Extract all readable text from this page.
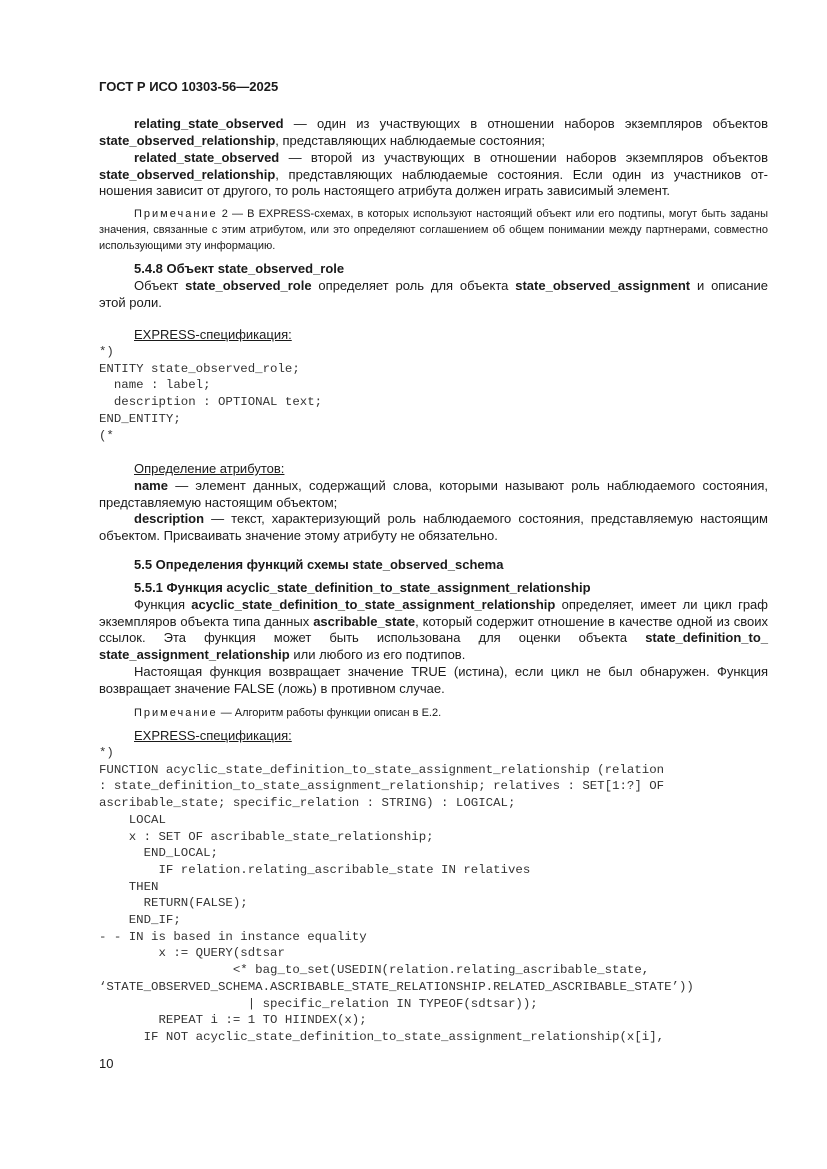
ГОСТ Р ИСО 10303-56—2025

relating_state_observed — один из участвующих в отношении наборов экземпляров объектов state_observed_relationship, представляющих наблюдаемые состояния;

related_state_observed — второй из участвующих в отношении наборов экземпляров объектов state_observed_relationship, представляющих наблюдаемые состояния. Если один из участников отношения зависит от другого, то роль настоящего атрибута должен играть зависимый элемент.

Примечание 2 — В EXPRESS-схемах, в которых используют настоящий объект или его подтипы, могут быть заданы значения, связанные с этим атрибутом, или это определяют соглашением об общем понимании между партнерами, совместно использующими эту информацию.

5.4.8 Объект state_observed_role

Объект state_observed_role определяет роль для объекта state_observed_assignment и описание этой роли.

EXPRESS-спецификация:

*)
ENTITY state_observed_role;
name : label;
description : OPTIONAL text;
END_ENTITY;
(*

Определение атрибутов:

name — элемент данных, содержащий слова, которыми называют роль наблюдаемого состояния, представляемую настоящим объектом;

description — текст, характеризующий роль наблюдаемого состояния, представляемую настоящим объектом. Присваивать значение этому атрибуту не обязательно.

5.5 Определения функций схемы state_observed_schema

5.5.1 Функция acyclic_state_definition_to_state_assignment_relationship

Функция acyclic_state_definition_to_state_assignment_relationship определяет, имеет ли цикл граф экземпляров объекта типа данных ascribable_state, который содержит отношение в качестве одной из своих ссылок. Эта функция может быть использована для оценки объекта state_definition_to_ state_assignment_relationship или любого из его подтипов.

Настоящая функция возвращает значение TRUE (истина), если цикл не был обнаружен. Функция возвращает значение FALSE (ложь) в противном случае.

Примечание — Алгоритм работы функции описан в Е.2.

EXPRESS-спецификация:

*)
FUNCTION acyclic_state_definition_to_state_assignment_relationship (relation
: state_definition_to_state_assignment_relationship; relatives : SET[1:?] OF
ascribable_state; specific_relation : STRING) : LOGICAL;
LOCAL
x : SET OF ascribable_state_relationship;
END_LOCAL;
IF relation.relating_ascribable_state IN relatives
THEN
RETURN(FALSE);
END_IF;
- - IN is based in instance equality
x := QUERY(sdtsar
<* bag_to_set(USEDIN(relation.relating_ascribable_state,
‘STATE_OBSERVED_SCHEMA.ASCRIBABLE_STATE_RELATIONSHIP.RELATED_ASCRIBABLE_STATE’))
| specific_relation IN TYPEOF(sdtsar));
REPEAT i := 1 TO HIINDEX(x);
IF NOT acyclic_state_definition_to_state_assignment_relationship(x[i],
10
